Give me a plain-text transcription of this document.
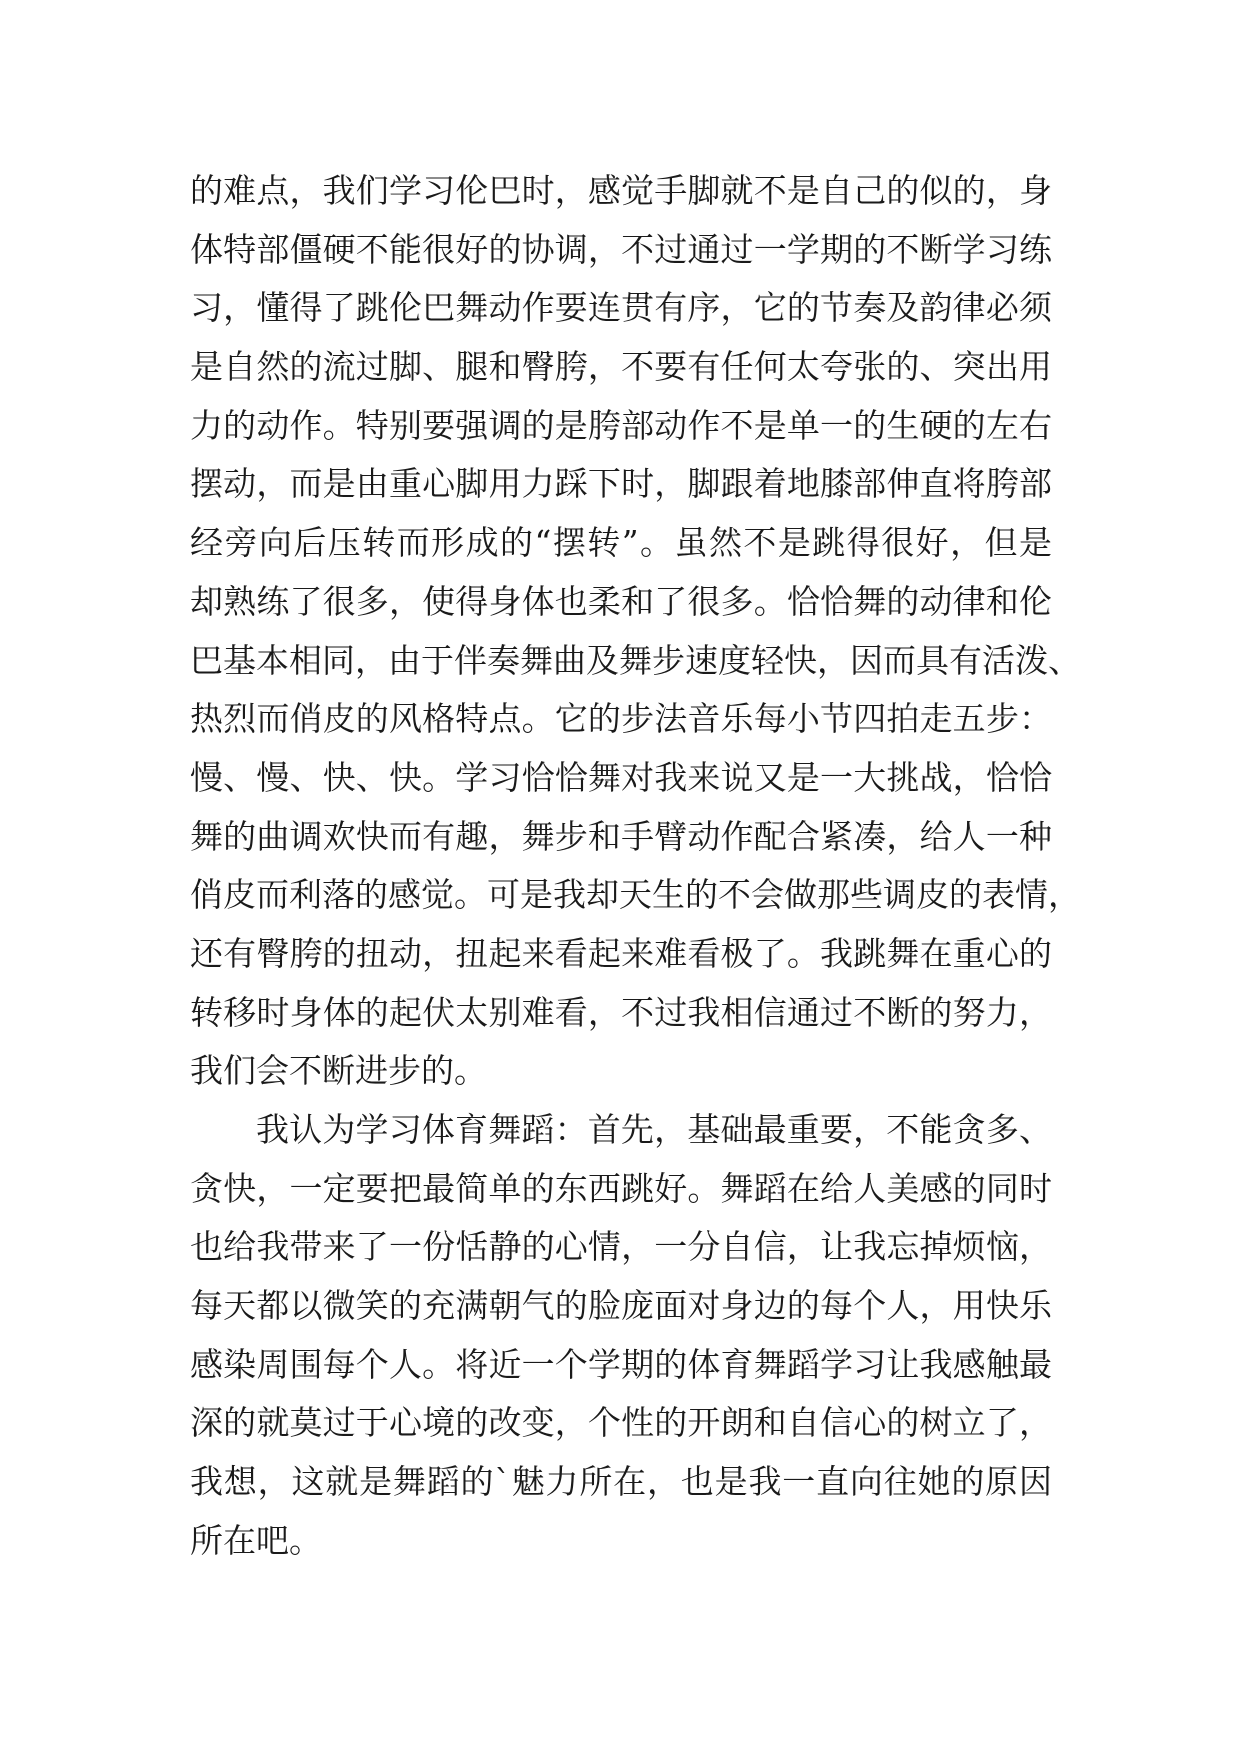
的难点，我们学习伦巴时，感觉手脚就不是自己的似的，身
体特部僵硬不能很好的协调，不过通过一学期的不断学习练
习，懂得了跳伦巴舞动作要连贯有序，它的节奏及韵律必须
是自然的流过脚、腿和臀胯，不要有任何太夸张的、突出用
力的动作。特别要强调的是胯部动作不是单一的生硬的左右
摆动，而是由重心脚用力踩下时，脚跟着地膝部伸直将胯部
经旁向后压转而形成的“摆转”。虽然不是跳得很好，但是
却熟练了很多，使得身体也柔和了很多。恰恰舞的动律和伦
巴基本相同，由于伴奏舞曲及舞步速度轻快，因而具有活泼、
热烈而俏皮的风格特点。它的步法音乐每小节四拍走五步：
慢、慢、快、快。学习恰恰舞对我来说又是一大挑战，恰恰
舞的曲调欢快而有趣，舞步和手臂动作配合紧凑，给人一种
俏皮而利落的感觉。可是我却天生的不会做那些调皮的表情，
还有臀胯的扭动，扭起来看起来难看极了。我跳舞在重心的
转移时身体的起伏太别难看，不过我相信通过不断的努力，
我们会不断进步的。
我认为学习体育舞蹈：首先，基础最重要，不能贪多、
贪快，一定要把最简单的东西跳好。舞蹈在给人美感的同时
也给我带来了一份恬静的心情，一分自信，让我忘掉烦恼，
每天都以微笑的充满朝气的脸庞面对身边的每个人，用快乐
感染周围每个人。将近一个学期的体育舞蹈学习让我感触最
深的就莫过于心境的改变，个性的开朗和自信心的树立了，
我想，这就是舞蹈的`魅力所在，也是我一直向往她的原因
所在吧。
